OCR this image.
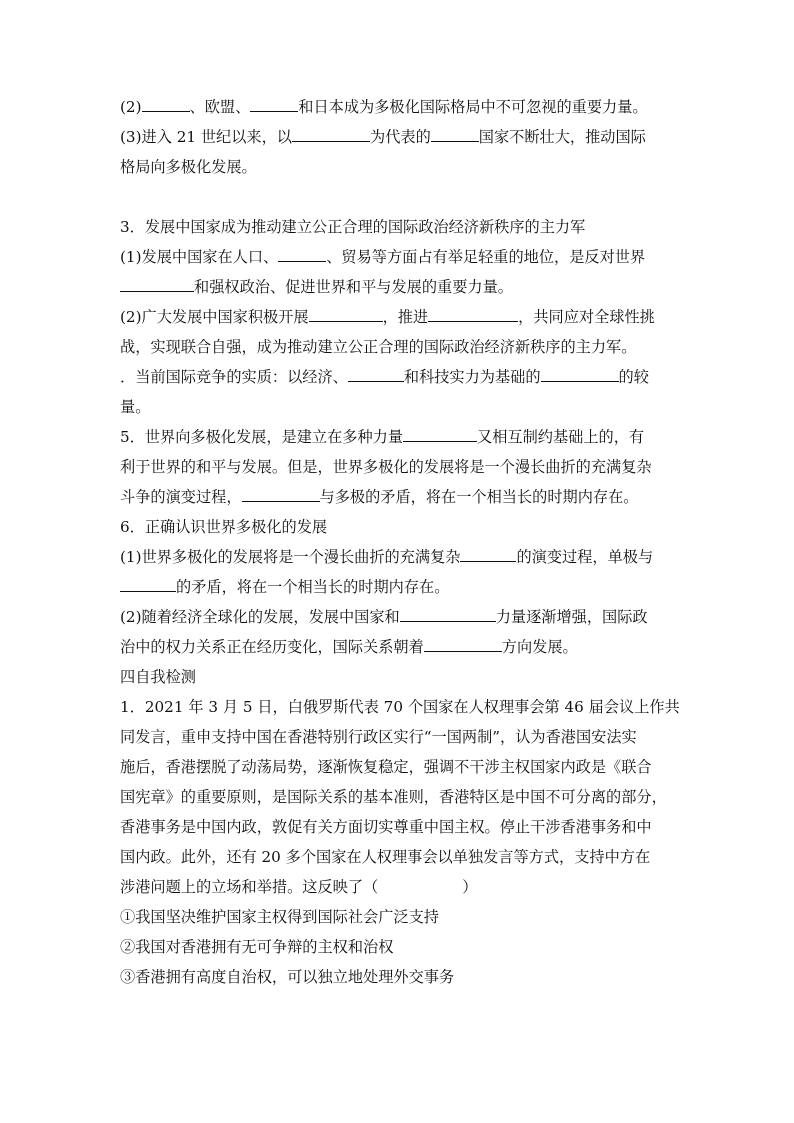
(2)	、欧盟、	和日本成为多极化国际格局中不可忽视的重要力量。
(3)进入 21 世纪以来，以	为代表的	国家不断壮大，推动国际
格局向多极化发展。
3．发展中国家成为推动建立公正合理的国际政治经济新秩序的主力军
(1)发展中国家在人口、	、贸易等方面占有举足轻重的地位，是反对世界
和强权政治、促进世界和平与发展的重要力量。
(2)广大发展中国家积极开展	，推进	，共同应对全球性挑
战，实现联合自强，成为推动建立公正合理的国际政治经济新秩序的主力军。
．当前国际竞争的实质：以经济、	和科技实力为基础的	的较
量。
5．世界向多极化发展，是建立在多种力量	又相互制约基础上的，有
利于世界的和平与发展。但是，世界多极化的发展将是一个漫长曲折的充满复杂
斗争的演变过程，	与多极的矛盾，将在一个相当长的时期内存在。
6．正确认识世界多极化的发展
(1)世界多极化的发展将是一个漫长曲折的充满复杂	的演变过程，单极与
的矛盾，将在一个相当长的时期内存在。
(2)随着经济全球化的发展，发展中国家和	力量逐渐增强，国际政
治中的权力关系正在经历变化，国际关系朝着	方向发展。
四自我检测
1．2021 年 3 月 5 日，白俄罗斯代表 70 个国家在人权理事会第 46 届会议上作共
同发言，重申支持中国在香港特别行政区实行“一国两制”，认为香港国安法实
施后，香港摆脱了动荡局势，逐渐恢复稳定，强调不干涉主权国家内政是《联合
国宪章》的重要原则，是国际关系的基本准则，香港特区是中国不可分离的部分，
香港事务是中国内政，敦促有关方面切实尊重中国主权。停止干涉香港事务和中
国内政。此外，还有 20 多个国家在人权理事会以单独发言等方式，支持中方在
涉港问题上的立场和举措。这反映了（	）
①我国坚决维护国家主权得到国际社会广泛支持
②我国对香港拥有无可争辩的主权和治权
③香港拥有高度自治权，可以独立地处理外交事务
